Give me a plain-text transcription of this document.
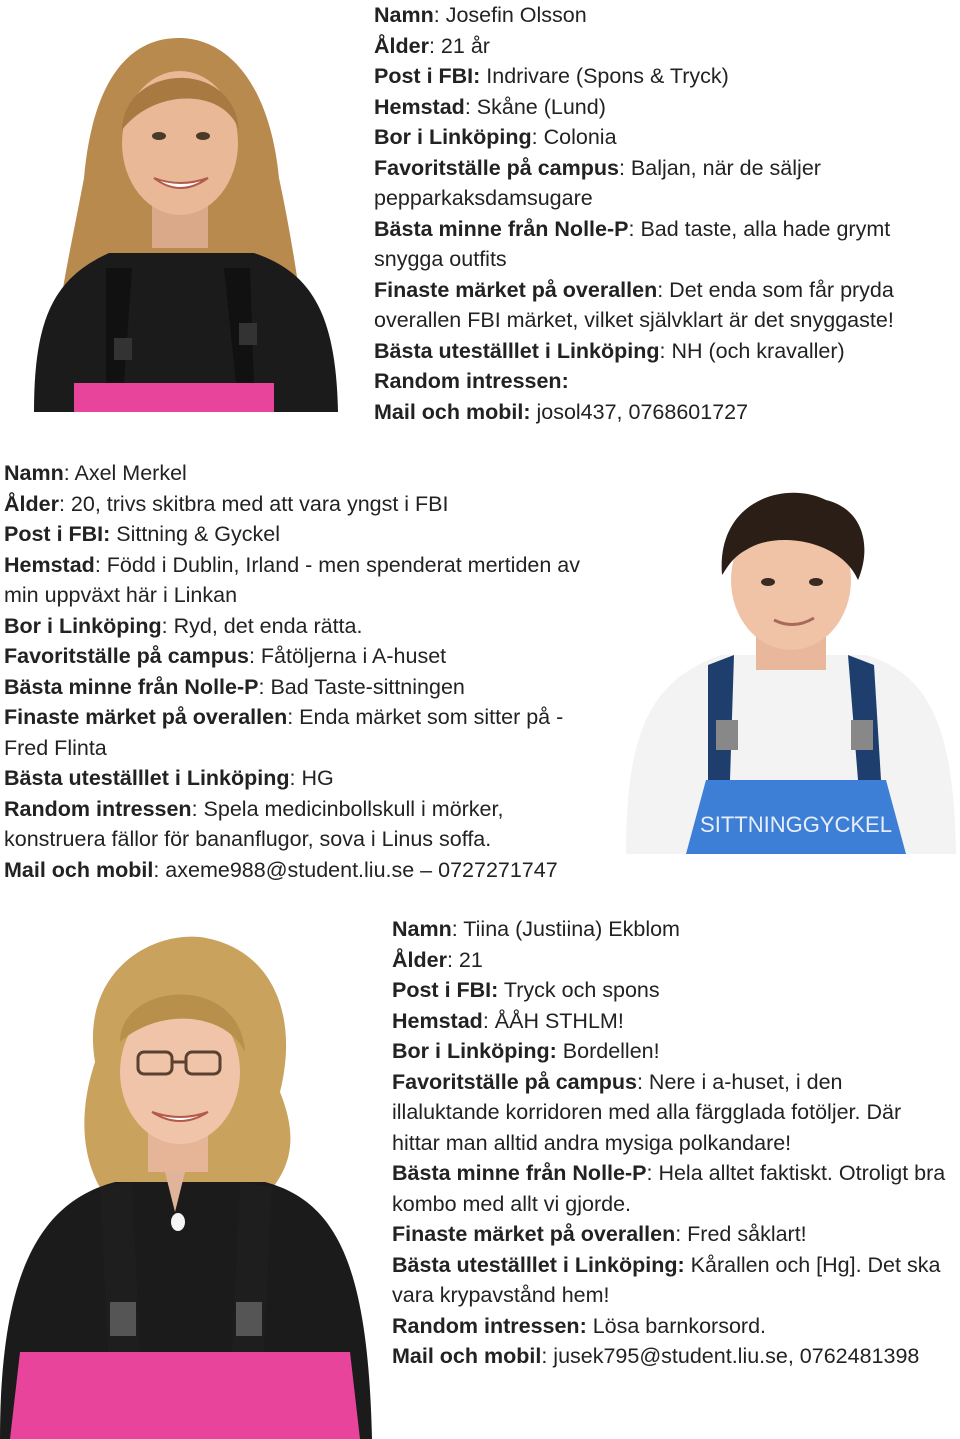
Namn: Josefin Olsson
Ålder: 21 år
Post i FBI: Indrivare (Spons & Tryck)
Hemstad: Skåne (Lund)
Bor i Linköping: Colonia
Favoritställe på campus: Baljan, när de säljer pepparkaksdamsugare
Bästa minne från Nolle-P: Bad taste, alla hade grymt snygga outfits
Finaste märket på overallen: Det enda som får pryda overallen FBI märket, vilket självklart är det snyggaste!
Bästa uteställlet i Linköping: NH (och kravaller)
Random intressen:
Mail och mobil: josol437, 0768601727
Namn: Axel Merkel
Ålder: 20, trivs skitbra med att vara yngst i FBI
Post i FBI: Sittning & Gyckel
Hemstad: Född i Dublin, Irland - men spenderat mertiden av min uppväxt här i Linkan
Bor i Linköping: Ryd, det enda rätta.
Favoritställe på campus: Fåtöljerna i A-huset
Bästa minne från Nolle-P: Bad Taste-sittningen
Finaste märket på overallen: Enda märket som sitter på - Fred Flinta
Bästa uteställlet i Linköping: HG
Random intressen: Spela medicinbollskull i mörker, konstruera fällor för bananflugor, sova i Linus soffa.
Mail och mobil: axeme988@student.liu.se – 0727271747
SITTNINGGYCKEL
Namn: Tiina (Justiina) Ekblom
Ålder: 21
Post i FBI: Tryck och spons
Hemstad: ÅÅH STHLM!
Bor i Linköping: Bordellen!
Favoritställe på campus: Nere i a-huset, i den illaluktande korridoren med alla färgglada fotöljer. Där hittar man alltid andra mysiga polkandare!
Bästa minne från Nolle-P: Hela alltet faktiskt. Otroligt bra kombo med allt vi gjorde.
Finaste märket på overallen: Fred såklart!
Bästa uteställlet i Linköping: Kårallen och [Hg]. Det ska vara krypavstånd hem!
Random intressen: Lösa barnkorsord.
Mail och mobil: jusek795@student.liu.se, 0762481398
